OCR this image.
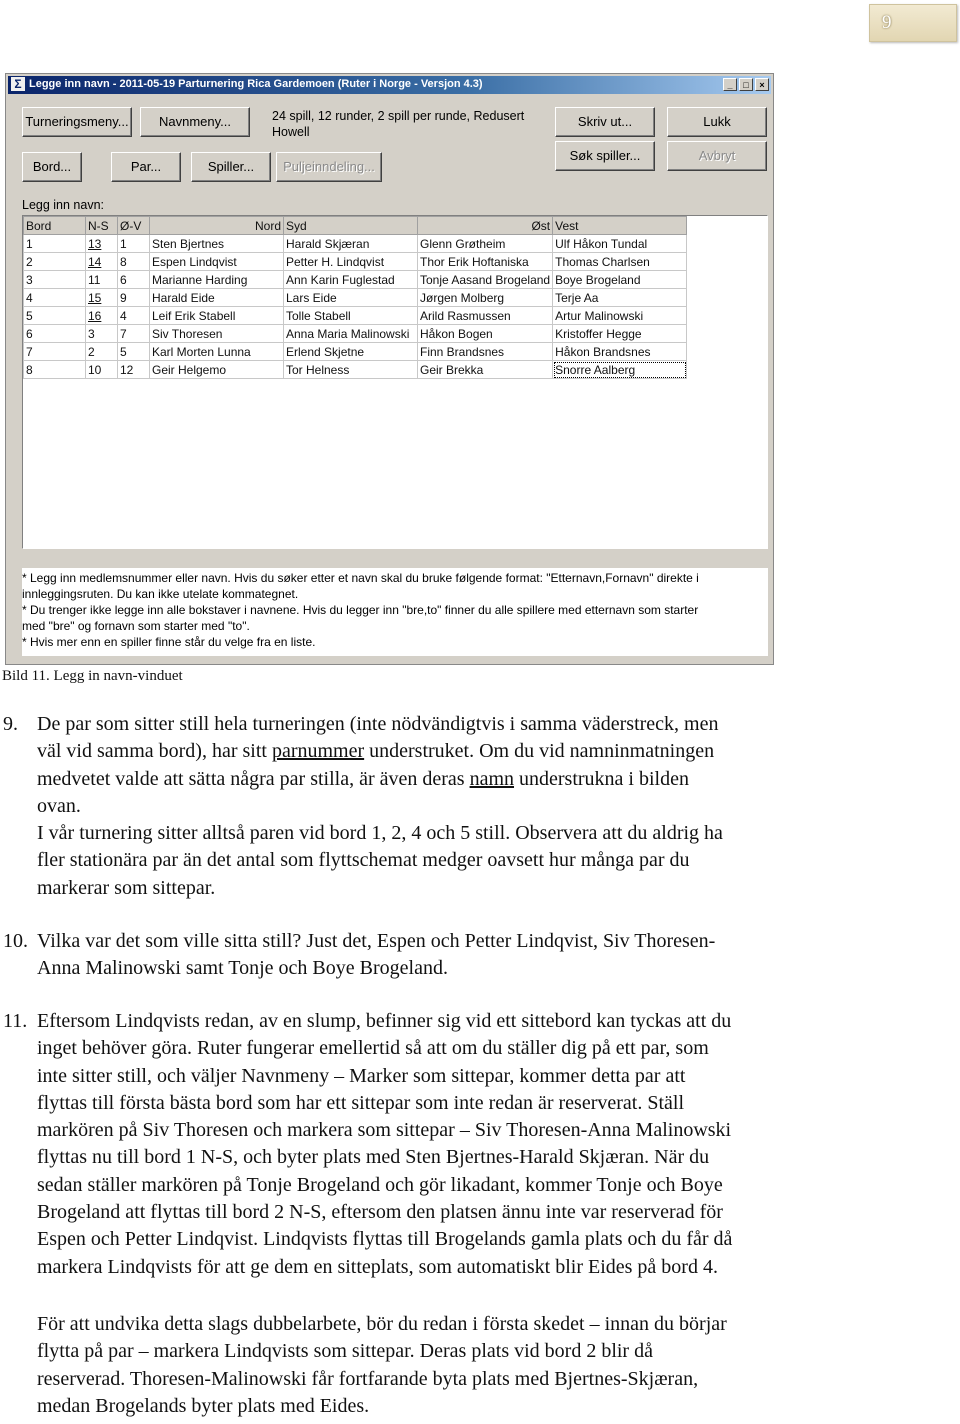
9
Σ Legge inn navn - 2011-05-19 Parturnering Rica Gardemoen (Ruter i Norge - Versjon 4.3)	_	□	×
Turneringsmeny...	Navnmeny...
Bord...	Par...	Spiller...	Puljeinndeling...
24 spill, 12 runder, 2 spill per runde, Redusert
Howell
Skriv ut...
Søk spiller...
Lukk
Avbryt
Legg inn navn:
Bord	N-S	Ø-V	Nord	Syd	Øst	Vest
1	13	1	Sten Bjertnes	Harald Skjæran	Glenn Grøtheim	Ulf Håkon Tundal
2	14	8	Espen Lindqvist	Petter H. Lindqvist	Thor Erik Hoftaniska	Thomas Charlsen
3	11	6	Marianne Harding	Ann Karin Fuglestad	Tonje Aasand Brogeland	Boye Brogeland
4	15	9	Harald Eide	Lars Eide	Jørgen Molberg	Terje Aa
5	16	4	Leif Erik Stabell	Tolle Stabell	Arild Rasmussen	Artur Malinowski
6	3	7	Siv Thoresen	Anna Maria Malinowski	Håkon Bogen	Kristoffer Hegge
7	2	5	Karl Morten Lunna	Erlend Skjetne	Finn Brandsnes	Håkon Brandsnes
8	10	12	Geir Helgemo	Tor Helness	Geir Brekka	Snorre Aalberg
* Legg inn medlemsnummer eller navn. Hvis du søker etter et navn skal du bruke følgende format: "Etternavn,Fornavn" direkte i
innleggingsruten. Du kan ikke utelate kommategnet.
* Du trenger ikke legge inn alle bokstaver i navnene. Hvis du legger inn "bre,to" finner du alle spillere med etternavn som starter
med "bre" og fornavn som starter med "to".
* Hvis mer enn en spiller finne står du velge fra en liste.
Bild 11. Legg in navn-vinduet
9. De par som sitter still hela turneringen (inte nödvändigtvis i samma väderstreck, men
väl vid samma bord), har sitt parnummer understruket. Om du vid namninmatningen
medvetet valde att sätta några par stilla, är även deras namn understrukna i bilden
ovan.
I vår turnering sitter alltså paren vid bord 1, 2, 4 och 5 still. Observera att du aldrig ha
fler stationära par än det antal som flyttschemat medger oavsett hur många par du
markerar som sittepar.
10. Vilka var det som ville sitta still? Just det, Espen och Petter Lindqvist, Siv Thoresen-
Anna Malinowski samt Tonje och Boye Brogeland.
11. Eftersom Lindqvists redan, av en slump, befinner sig vid ett sittebord kan tyckas att du
inget behöver göra. Ruter fungerar emellertid så att om du ställer dig på ett par, som
inte sitter still, och väljer Navnmeny – Marker som sittepar, kommer detta par att
flyttas till första bästa bord som har ett sittepar som inte redan är reserverat. Ställ
markören på Siv Thoresen och markera som sittepar – Siv Thoresen-Anna Malinowski
flyttas nu till bord 1 N-S, och byter plats med Sten Bjertnes-Harald Skjæran. När du
sedan ställer markören på Tonje Brogeland och gör likadant, kommer Tonje och Boye
Brogeland att flyttas till bord 2 N-S, eftersom den platsen ännu inte var reserverad för
Espen och Petter Lindqvist. Lindqvists flyttas till Brogelands gamla plats och du får då
markera Lindqvists för att ge dem en sitteplats, som automatiskt blir Eides på bord 4.
För att undvika detta slags dubbelarbete, bör du redan i första skedet – innan du börjar
flytta på par – markera Lindqvists som sittepar. Deras plats vid bord 2 blir då
reserverad. Thoresen-Malinowski får fortfarande byta plats med Bjertnes-Skjæran,
medan Brogelands byter plats med Eides.
